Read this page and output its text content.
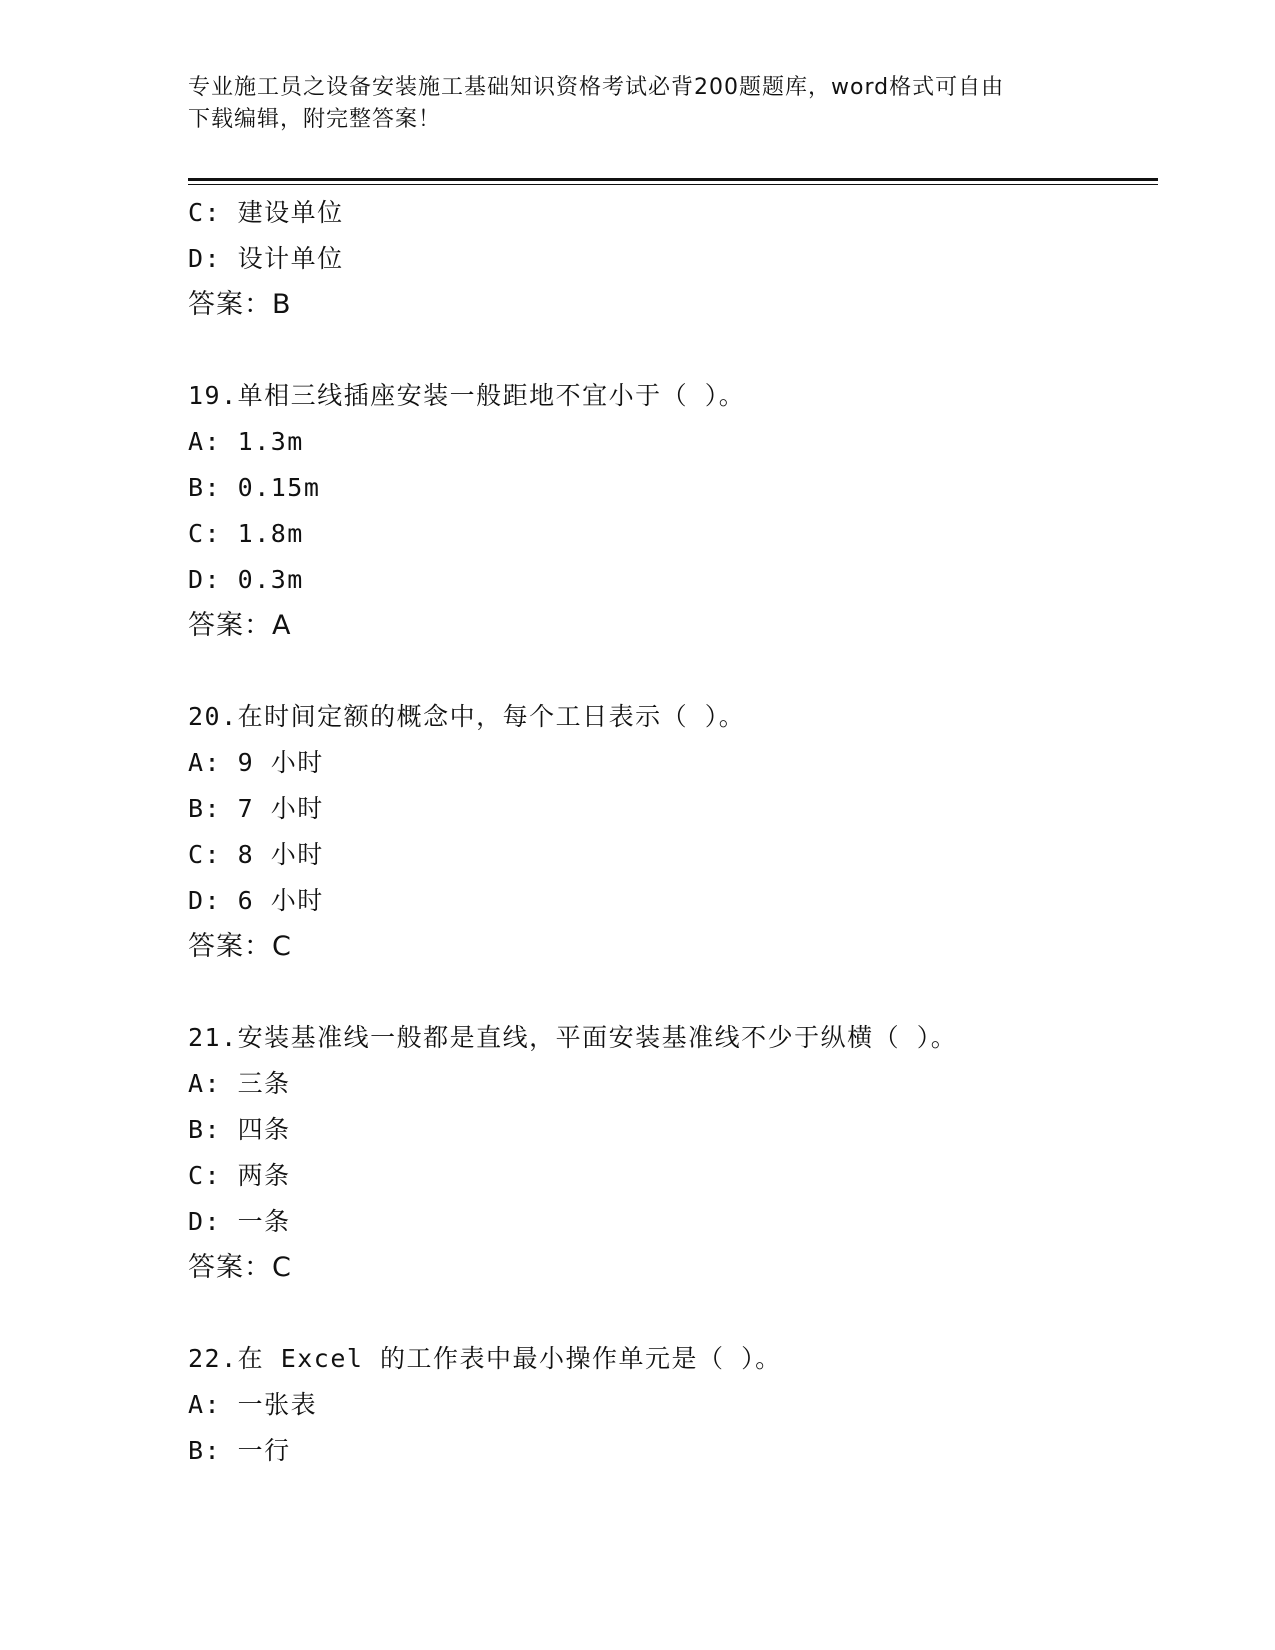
专业施工员之设备安装施工基础知识资格考试必背200题题库，word格式可自由
下载编辑，附完整答案！
C: 建设单位
D: 设计单位
答案：B
19.单相三线插座安装一般距地不宜小于（ ）。
A: 1.3m
B: 0.15m
C: 1.8m
D: 0.3m
答案：A
20.在时间定额的概念中，每个工日表示（ ）。
A: 9 小时
B: 7 小时
C: 8 小时
D: 6 小时
答案：C
21.安装基准线一般都是直线，平面安装基准线不少于纵横（ ）。
A: 三条
B: 四条
C: 两条
D: 一条
答案：C
22.在 Excel 的工作表中最小操作单元是（ ）。
A: 一张表
B: 一行
